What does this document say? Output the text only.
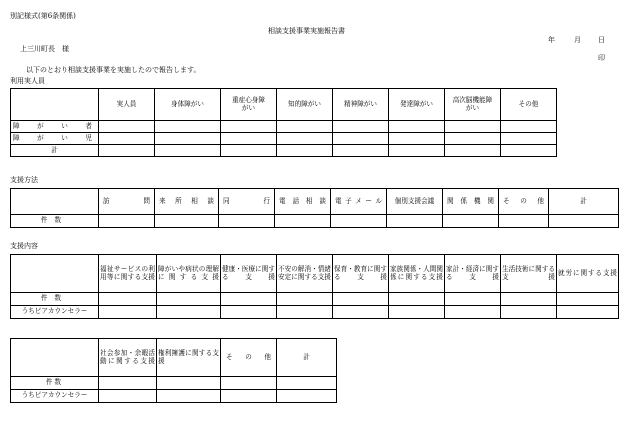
別記様式(第6条関係)
相談支援事業実施報告書
年	月 日
上三川町長　様
印
以下のとおり相談支援事業を実施したので報告します。
利用実人員
	実人員	身体障がい	重症心身障がい	知的障がい	精神障がい	発達障がい	高次脳機能障がい	その他
障がい者								
障がい児								
計								
支援方法
	訪問	来所相談	同行	電話相談	電子メール	個別支援会議	関係機関	その他	計
件数									
支援内容
	福祉サービスの利用等に関する支援	障がいや病状の理解に関する支援	健康・医療に関する支援	不安の解消・情緒安定に関する支援	保育・教育に関する支援	家族関係・人間関係に関する支援	家計・経済に関する支援	生活技術に関する支援	就労に関する支援
件数									
うちピアカウンセラー									
	社会参加・余暇活動に関する支援	権利擁護に関する支援	その他	計
件数				
うちピアカウンセラー				
